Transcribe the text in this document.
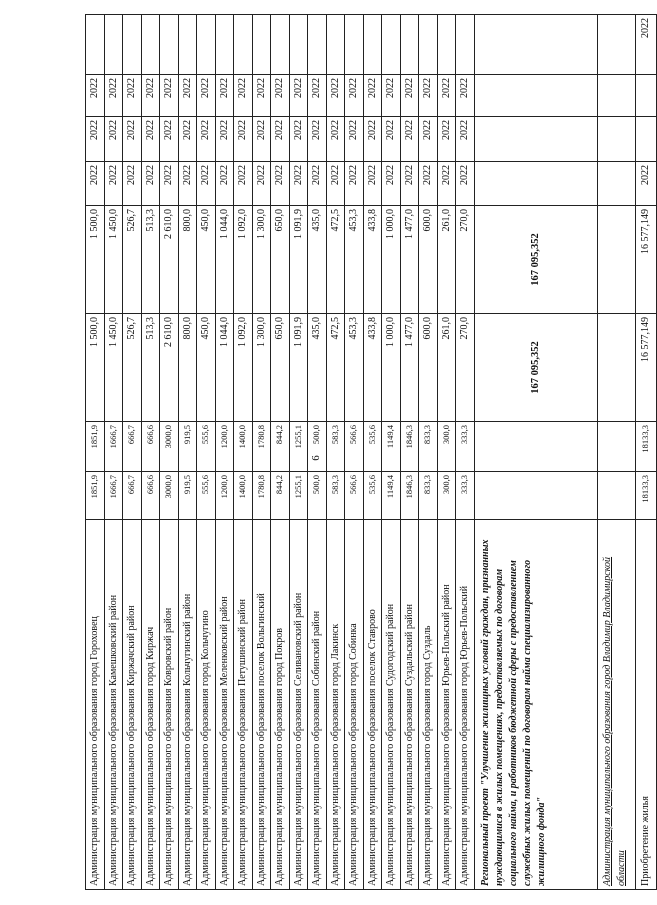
6
Администрация муниципального образования город Гороховец	1851,9	1851,9	1 500,0	1 500,0	2022	2022	2022	
Администрация муниципального образования Камешковский район	1666,7	1666,7	1 450,0	1 450,0	2022	2022	2022	
Администрация муниципального образования Киржачский район	666,7	666,7	526,7	526,7	2022	2022	2022	
Администрация муниципального образования город Киржач	666,6	666,6	513,3	513,3	2022	2022	2022	
Администрация муниципального образования Ковровский район	3000,0	3000,0	2 610,0	2 610,0	2022	2022	2022	
Администрация муниципального образования Кольчугинский район	919,5	919,5	800,0	800,0	2022	2022	2022	
Администрация муниципального образования город Кольчугино	555,6	555,6	450,0	450,0	2022	2022	2022	
Администрация муниципального образования Меленковский район	1200,0	1200,0	1 044,0	1 044,0	2022	2022	2022	
Администрация муниципального образования Петушинский район	1400,0	1400,0	1 092,0	1 092,0	2022	2022	2022	
Администрация муниципального образования поселок Вольгинский	1780,8	1780,8	1 300,0	1 300,0	2022	2022	2022	
Администрация муниципального образования город Покров	844,2	844,2	650,0	650,0	2022	2022	2022	
Администрация муниципального образования Селивановский район	1255,1	1255,1	1 091,9	1 091,9	2022	2022	2022	
Администрация муниципального образования Собинский район	500,0	500,0	435,0	435,0	2022	2022	2022	
Администрация муниципального образования город Лакинск	583,3	583,3	472,5	472,5	2022	2022	2022	
Администрация муниципального образования город Собинка	566,6	566,6	453,3	453,3	2022	2022	2022	
Администрация муниципального образования поселок Ставрово	535,6	535,6	433,8	433,8	2022	2022	2022	
Администрация муниципального образования Судогодский район	1149,4	1149,4	1 000,0	1 000,0	2022	2022	2022	
Администрация муниципального образования Суздальский район	1846,3	1846,3	1 477,0	1 477,0	2022	2022	2022	
Администрация муниципального образования город Суздаль	833,3	833,3	600,0	600,0	2022	2022	2022	
Администрация муниципального образования Юрьев-Польский район	300,0	300,0	261,0	261,0	2022	2022	2022	
Администрация муниципального образования город Юрьев-Польский	333,3	333,3	270,0	270,0	2022	2022	2022	
Региональный проект "Улучшение жилищных условий граждан, признанных нуждающимися в жилых помещениях, предоставляемых по договорам социального найма, и работников бюджетной сферы с предоставлением служебных жилых помещений по договорам найма специализированного жилищного фонда"			167 095,352	167 095,352				
Администрация муниципального образования город Владимир Владимирской области								
Приобретение жилья	18133,3	18133,3	16 577,149	16 577,149	2022			2022
